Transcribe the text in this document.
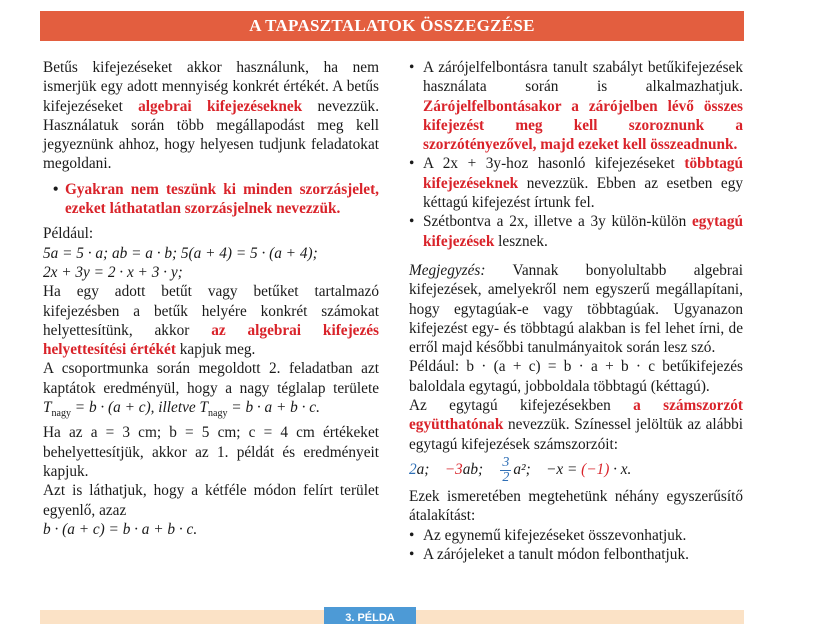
A TAPASZTALATOK ÖSSZEGZÉSE

Betűs kifejezéseket akkor használunk, ha nem ismerjük egy adott mennyiség konkrét értékét. A betűs kifejezéseket algebrai kifejezéseknek nevezzük. Használatuk során több megállapodást meg kell jegyeznünk ahhoz, hogy helyesen tudjunk feladatokat megoldani.

• Gyakran nem teszünk ki minden szorzásjelet, ezeket láthatatlan szorzásjelnek nevezzük.

Például:

5a = 5 · a; ab = a · b; 5(a + 4) = 5 · (a + 4);

2x + 3y = 2 · x + 3 · y;

Ha egy adott betűt vagy betűket tartalmazó kifejezésben a betűk helyére konkrét számokat helyettesítünk, akkor az algebrai kifejezés helyettesítési értékét kapjuk meg.

A csoportmunka során megoldott 2. feladatban azt kaptátok eredményül, hogy a nagy téglalap területe $T_{nagy} = b \cdot (a + c)$, illetve $T_{nagy} = b \cdot a + b \cdot c$.

Ha az a = 3 cm; b = 5 cm; c = 4 cm értékeket behelyettesítjük, akkor az 1. példát és eredményeit kapjuk.

Azt is láthatjuk, hogy a kétféle módon felírt terület egyenlő, azaz

b · (a + c) = b · a + b · c.

• A zárójelfelbontásra tanult szabályt betűkifejezések használata során is alkalmazhatjuk. Zárójelfelbontásakor a zárójelben lévő összes kifejezést meg kell szoroznunk a szorzótényezővel, majd ezeket kell összeadnunk.
• A 2x + 3y-hoz hasonló kifejezéseket többtagú kifejezéseknek nevezzük. Ebben az esetben egy kéttagú kifejezést írtunk fel.
• Szétbontva a 2x, illetve a 3y külön-külön egytagú kifejezések lesznek.

Megjegyzés: Vannak bonyolultabb algebrai kifejezések, amelyekről nem egyszerű megállapítani, hogy egytagúak-e vagy többtagúak. Ugyanazon kifejezést egy- és többtagú alakban is fel lehet írni, de erről majd későbbi tanulmányaitok során lesz szó.

Például: b · (a + c) = b · a + b · c betűkifejezés baloldala egytagú, jobboldala többtagú (kéttagú).

Az egytagú kifejezésekben a számszorzót együtthatónak nevezzük. Színessel jelöltük az alábbi egytagú kifejezések számszorzóit:

2a; −3ab; $\frac{3}{2} a^2$; −x = (−1) · x.

Ezek ismeretében megtehetünk néhány egyszerűsítő átalakítást:

• Az egynemű kifejezéseket összevonhatjuk.
• A zárójeleket a tanult módon felbonthatjuk.
3. PÉLDA
